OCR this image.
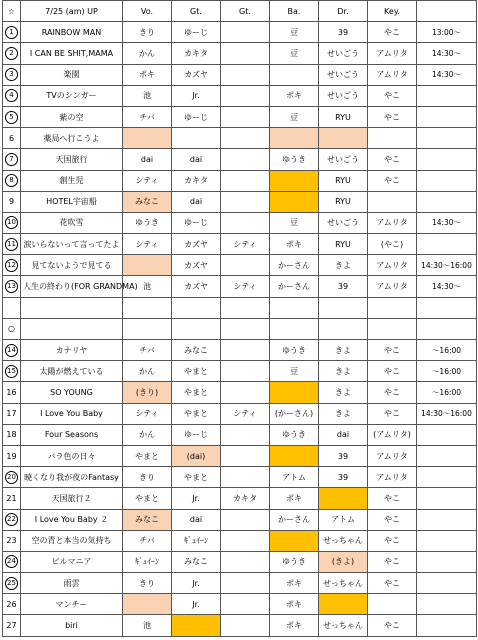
☆	7/25 (am) UP	Vo.	Gt.	Gt.	Ba.	Dr.	Key.	
1	RAINBOW MAN	きり	ゆーじ		豆	39	やこ	13:00～
2	I CAN BE SHIT,MAMA	かん	カキタ		豆	せいごう	アムリタ	14:30～
3	楽園	ポキ	カズヤ			せいごう	アムリタ	14:30～
4	TVのシンガー	池	Jr.		ポキ	せいごう	やこ	
5	紫の空	チバ	ゆーじ		豆	RYU	やこ	
6	薬局へ行こうよ							
7	天国旅行	dai	dai		ゆうき	せいごう	やこ	
8	創生児	シティ	カキタ			RYU	やこ	
9	HOTEL宇宙船	みなこ	dai			RYU		
10	花吹雪	ゆうき	ゆーじ		豆	せいごう	アムリタ	14:30～
11	涙いらないって言ってたよ	シティ	カズヤ	シティ	ポキ	RYU	(やこ)	
12	見てないようで見てる		カズヤ		かーさん	きよ	アムリタ	14:30～16:00
13	人生の終わり(FOR GRANDMA)	池	カズヤ	シティ	かーさん	39	アムリタ	14:30～

○								
14	カナリヤ	チバ	みなこ		ゆうき	きよ	やこ	～16:00
15	太陽が燃えている	かん	やまと		豆	きよ	やこ	～16:00
16	SO YOUNG	(きり)	やまと			きよ	やこ	～16:00
17	I Love You Baby	シティ	やまと	シティ	(かーさん)	きよ	やこ	14:30～16:00
18	Four Seasons	かん	ゆーじ		ゆうき	dai	(アムリタ)	
19	バラ色の日々	やまと	(dai)			39	アムリタ	
20	暁くなり我が夜のFantasy	きり	やまと		アトム	39	アムリタ	
21	天国旅行２	やまと	Jr.	カキタ	ポキ		やこ	
22	I Love You Baby ２	みなこ	dai		かーさん	アトム	やこ	
23	空の青と本当の気持ち	チバ	ｷﾞｭｲｰﾝ			せっちゃん	やこ	
24	ピルマニア	ｷﾞｭｲｰﾝ	みなこ		ゆうき	(きよ)	やこ	
25	雨雲	きり	Jr.		ポキ	せっちゃん	やこ	
26	マンチー		Jr.		ポキ			
27	biri	池			ポキ	せっちゃん	やこ	
